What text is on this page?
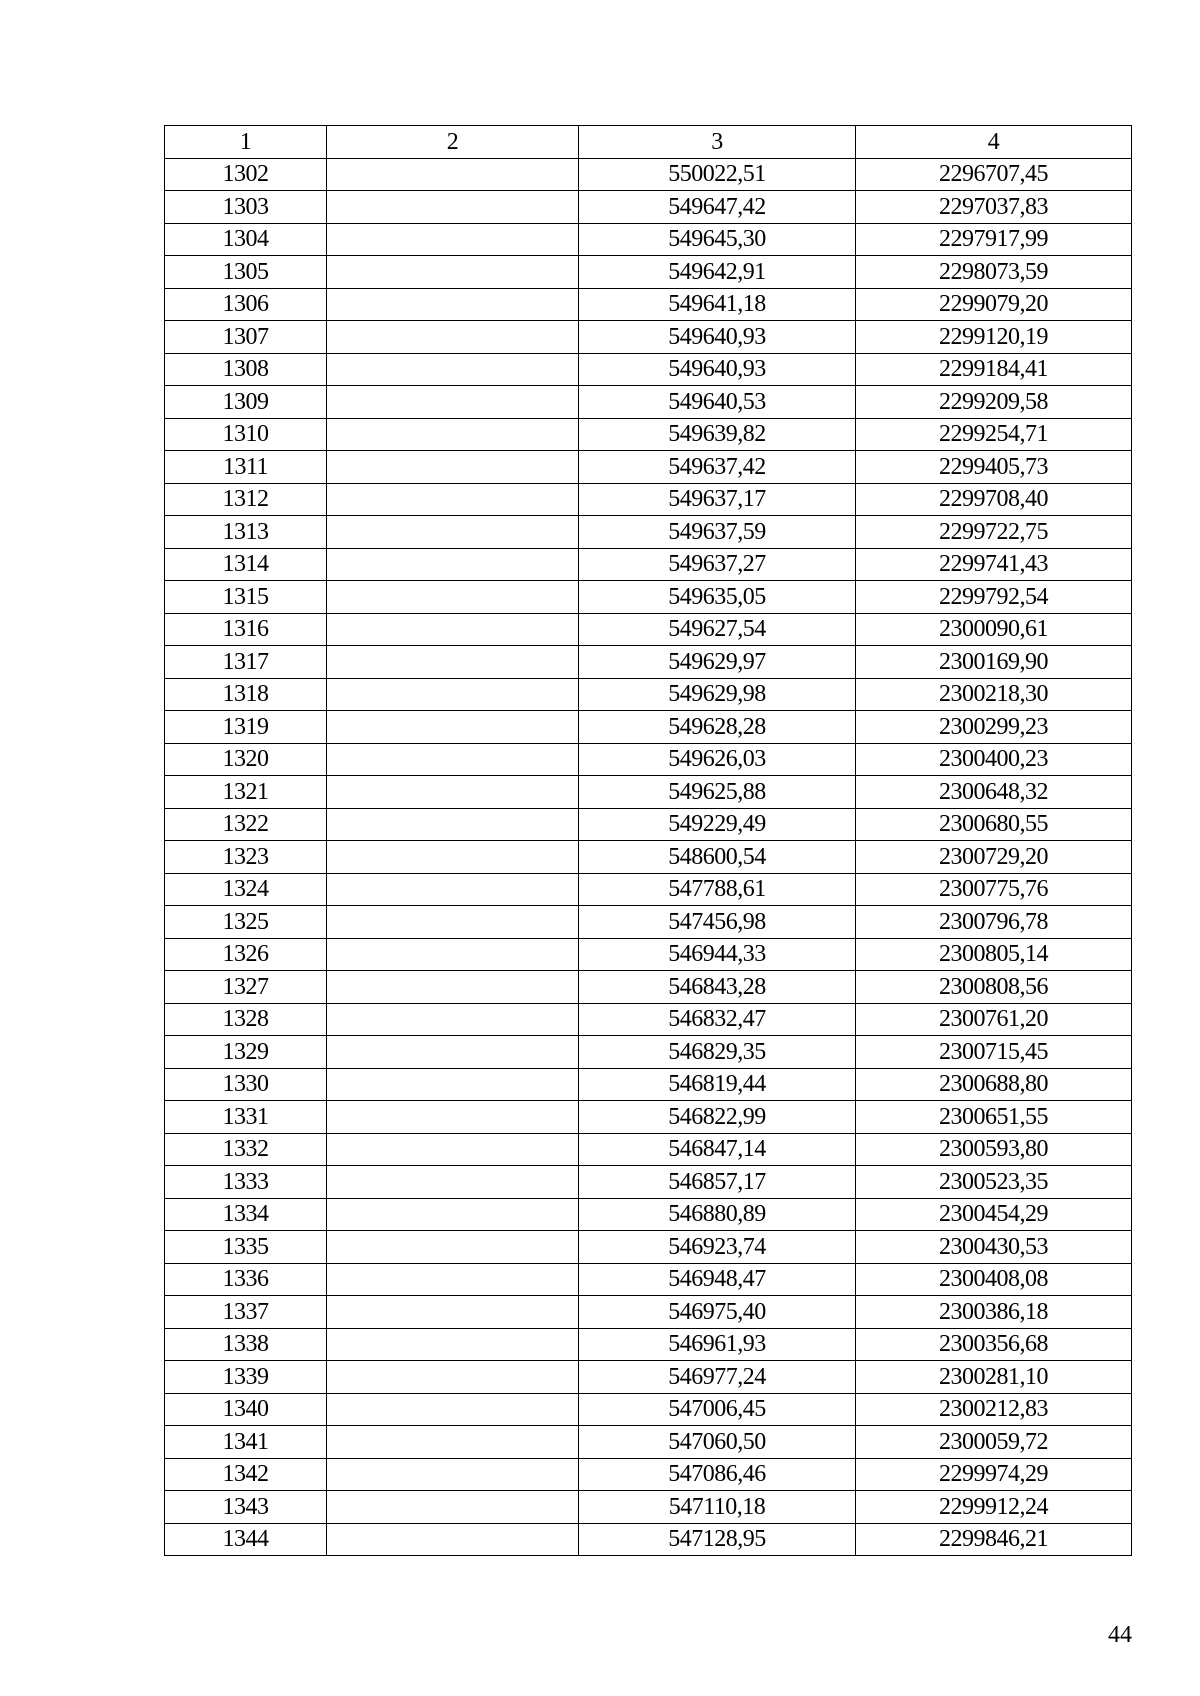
1	2	3	4
1302		550022,51	2296707,45
1303		549647,42	2297037,83
1304		549645,30	2297917,99
1305		549642,91	2298073,59
1306		549641,18	2299079,20
1307		549640,93	2299120,19
1308		549640,93	2299184,41
1309		549640,53	2299209,58
1310		549639,82	2299254,71
1311		549637,42	2299405,73
1312		549637,17	2299708,40
1313		549637,59	2299722,75
1314		549637,27	2299741,43
1315		549635,05	2299792,54
1316		549627,54	2300090,61
1317		549629,97	2300169,90
1318		549629,98	2300218,30
1319		549628,28	2300299,23
1320		549626,03	2300400,23
1321		549625,88	2300648,32
1322		549229,49	2300680,55
1323		548600,54	2300729,20
1324		547788,61	2300775,76
1325		547456,98	2300796,78
1326		546944,33	2300805,14
1327		546843,28	2300808,56
1328		546832,47	2300761,20
1329		546829,35	2300715,45
1330		546819,44	2300688,80
1331		546822,99	2300651,55
1332		546847,14	2300593,80
1333		546857,17	2300523,35
1334		546880,89	2300454,29
1335		546923,74	2300430,53
1336		546948,47	2300408,08
1337		546975,40	2300386,18
1338		546961,93	2300356,68
1339		546977,24	2300281,10
1340		547006,45	2300212,83
1341		547060,50	2300059,72
1342		547086,46	2299974,29
1343		547110,18	2299912,24
1344		547128,95	2299846,21
44
